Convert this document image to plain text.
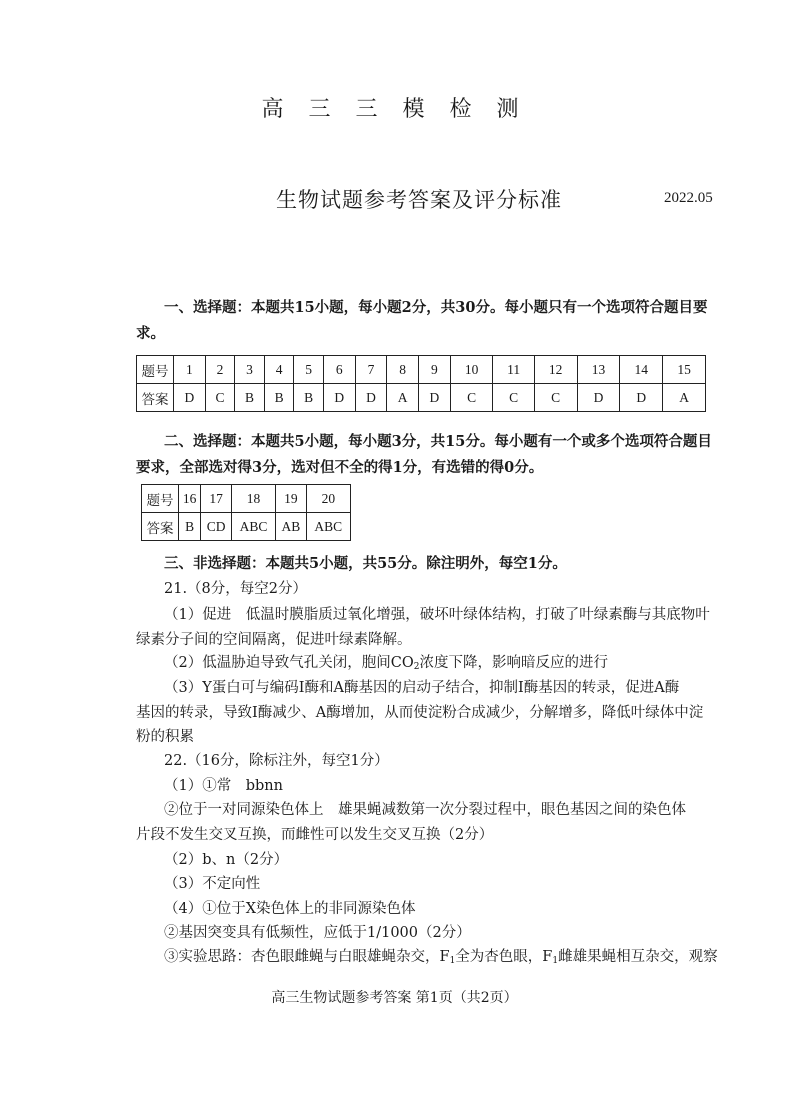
高 三 三 模 检 测
生物试题参考答案及评分标准	2022.05
一、选择题：本题共15小题，每小题2分，共30分。每小题只有一个选项符合题目要
求。
题号	1	2	3	4	5	6	7	8	9	10	11	12	13	14	15
答案	D	C	B	B	B	D	D	A	D	C	C	C	D	D	A
二、选择题：本题共5小题，每小题3分，共15分。每小题有一个或多个选项符合题目
要求，全部选对得3分，选对但不全的得1分，有选错的得0分。
题号	16	17	18	19	20
答案	B	CD	ABC	AB	ABC
三、非选择题：本题共5小题，共55分。除注明外，每空1分。
21.（8分，每空2分）
（1）促进　低温时膜脂质过氧化增强，破坏叶绿体结构，打破了叶绿素酶与其底物叶
绿素分子间的空间隔离，促进叶绿素降解。
（2）低温胁迫导致气孔关闭，胞间$CO_2$浓度下降，影响暗反应的进行
（3）Y蛋白可与编码Ⅰ酶和A酶基因的启动子结合，抑制Ⅰ酶基因的转录，促进A酶
基因的转录，导致Ⅰ酶减少、A酶增加，从而使淀粉合成减少，分解增多，降低叶绿体中淀
粉的积累
22.（16分，除标注外，每空1分）
（1）①常　bbnn
②位于一对同源染色体上　雄果蝇减数第一次分裂过程中，眼色基因之间的染色体
片段不发生交叉互换，而雌性可以发生交叉互换（2分）
（2）b、n（2分）
（3）不定向性
（4）①位于X染色体上的非同源染色体
②基因突变具有低频性，应低于1/1000（2分）
③实验思路：杏色眼雌蝇与白眼雄蝇杂交，$F_1$全为杏色眼，$F_1$雌雄果蝇相互杂交，观察
高三生物试题参考答案 第1页（共2页）
